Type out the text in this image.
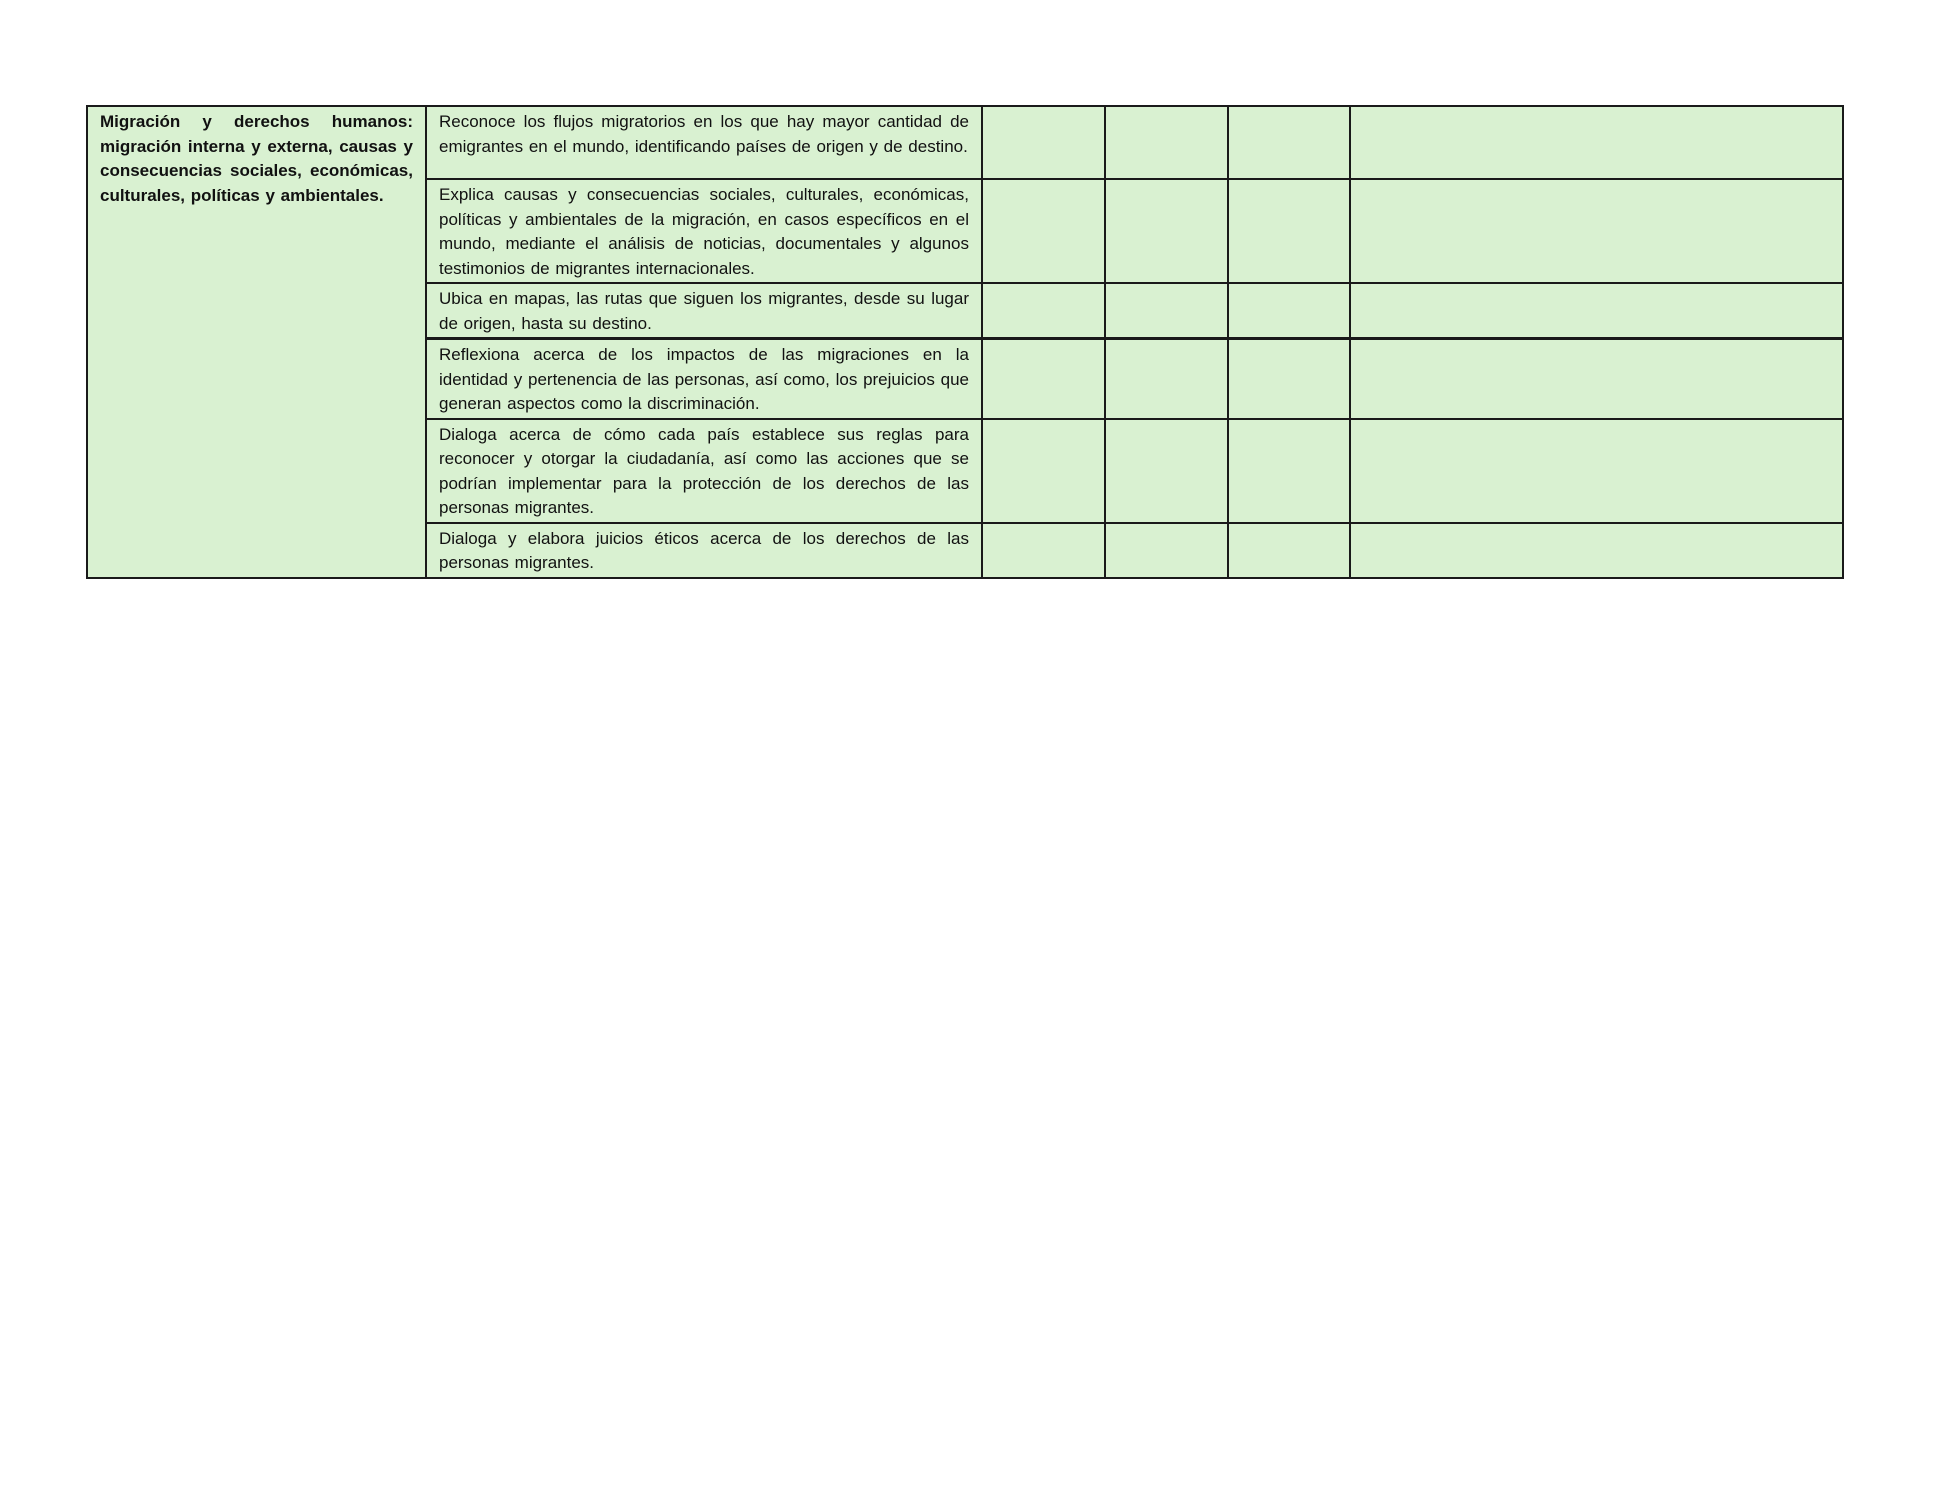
Migración y derechos humanos: migración interna y externa, causas y consecuencias sociales, económicas, culturales, políticas y ambientales.	Reconoce los flujos migratorios en los que hay mayor cantidad de emigrantes en el mundo, identificando países de origen y de destino.				
	Explica causas y consecuencias sociales, culturales, económicas, políticas y ambientales de la migración, en casos específicos en el mundo, mediante el análisis de noticias, documentales y algunos testimonios de migrantes internacionales.				
	Ubica en mapas, las rutas que siguen los migrantes, desde su lugar de origen, hasta su destino.				
	Reflexiona acerca de los impactos de las migraciones en la identidad y pertenencia de las personas, así como, los prejuicios que generan aspectos como la discriminación.				
	Dialoga acerca de cómo cada país establece sus reglas para reconocer y otorgar la ciudadanía, así como las acciones que se podrían implementar para la protección de los derechos de las personas migrantes.				
	Dialoga y elabora juicios éticos acerca de los derechos de las personas migrantes.				
